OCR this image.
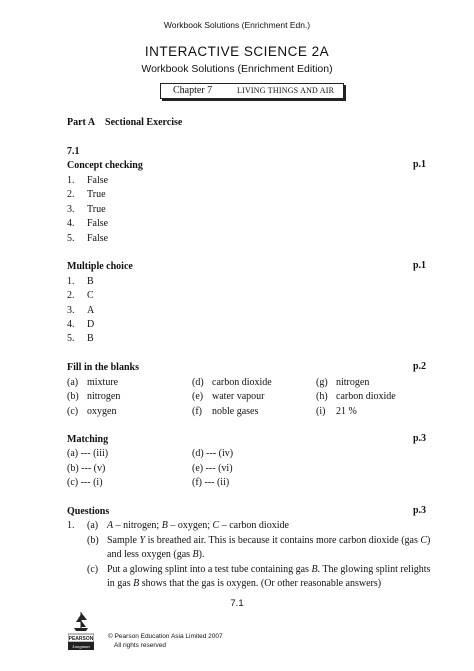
Workbook Solutions (Enrichment Edn.)
INTERACTIVE SCIENCE 2A
Workbook Solutions (Enrichment Edition)
Chapter 7	LIVING THINGS AND AIR
Part A    Sectional Exercise
7.1
Concept checking	p.1
1. False
2. True
3. True
4. False
5. False
Multiple choice	p.1
1. B
2. C
3. A
4. D
5. B
Fill in the blanks	p.2
(a) mixture	(d) carbon dioxide	(g) nitrogen
(b) nitrogen	(e) water vapour	(h) carbon dioxide
(c) oxygen	(f) noble gases	(i) 21 %
Matching	p.3
(a) --- (iii)	(d) --- (iv)
(b) --- (v)	(e) --- (vi)
(c) --- (i)	(f) --- (ii)
Questions	p.3
1. (a) A – nitrogen; B – oxygen; C – carbon dioxide
(b) Sample Y is breathed air. This is because it contains more carbon dioxide (gas C)
and less oxygen (gas B).
(c) Put a glowing splint into a test tube containing gas B. The glowing splint relights
in gas B shows that the gas is oxygen. (Or other reasonable answers)
7.1
PEARSON
Longman
© Pearson Education Asia Limited 2007
All rights reserved
